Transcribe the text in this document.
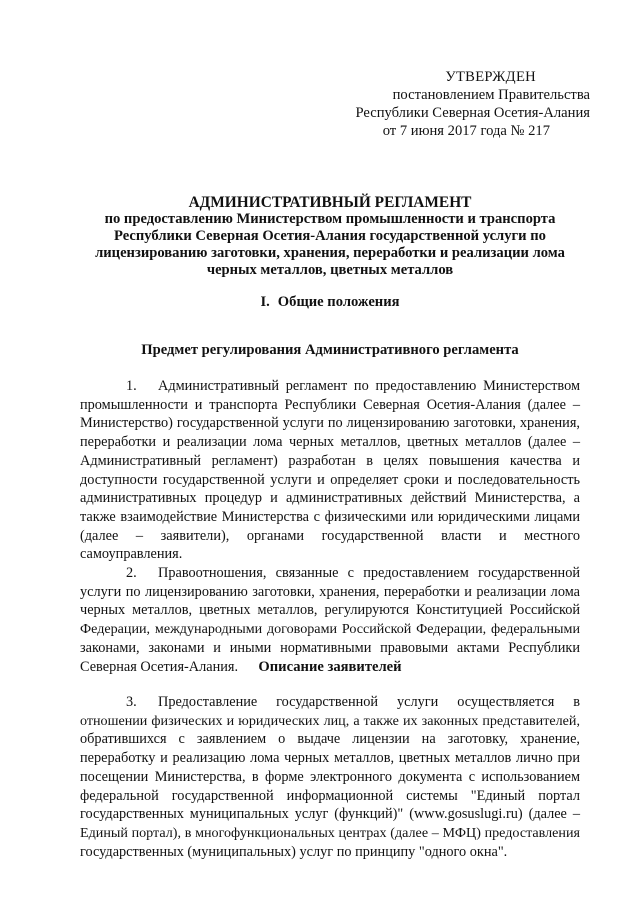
УТВЕРЖДЕН
постановлением Правительства
Республики Северная Осетия-Алания
от 7 июня 2017 года № 217
АДМИНИСТРАТИВНЫЙ РЕГЛАМЕНТ
по предоставлению Министерством промышленности и транспорта
Республики Северная Осетия-Алания государственной услуги по
лицензированию заготовки, хранения, переработки и реализации лома
черных металлов, цветных металлов
I. Общие положения
Предмет регулирования Административного регламента
1. Административный регламент по предоставлению Министерством
промышленности и транспорта Республики Северная Осетия-Алания (далее –
Министерство) государственной услуги по лицензированию заготовки, хранения,
переработки и реализации лома черных металлов, цветных металлов (далее –
Административный регламент) разработан в целях повышения качества и
доступности государственной услуги и определяет сроки и последовательность
административных процедур и административных действий Министерства, а
также взаимодействие Министерства с физическими или юридическими лицами
(далее – заявители), органами государственной власти и местного
самоуправления.
2. Правоотношения, связанные с предоставлением государственной
услуги по лицензированию заготовки, хранения, переработки и реализации лома
черных металлов, цветных металлов, регулируются Конституцией Российской
Федерации, международными договорами Российской Федерации, федеральными
законами, законами и иными нормативными правовыми актами Республики
Северная Осетия-Алания.	Описание заявителей
3. Предоставление государственной услуги осуществляется в
отношении физических и юридических лиц, а также их законных представителей,
обратившихся с заявлением о выдаче лицензии на заготовку, хранение,
переработку и реализацию лома черных металлов, цветных металлов лично при
посещении Министерства, в форме электронного документа с использованием
федеральной государственной информационной системы "Единый портал
государственных муниципальных услуг (функций)" (www.gosuslugi.ru) (далее –
Единый портал), в многофункциональных центрах (далее – МФЦ) предоставления
государственных (муниципальных) услуг по принципу "одного окна".
